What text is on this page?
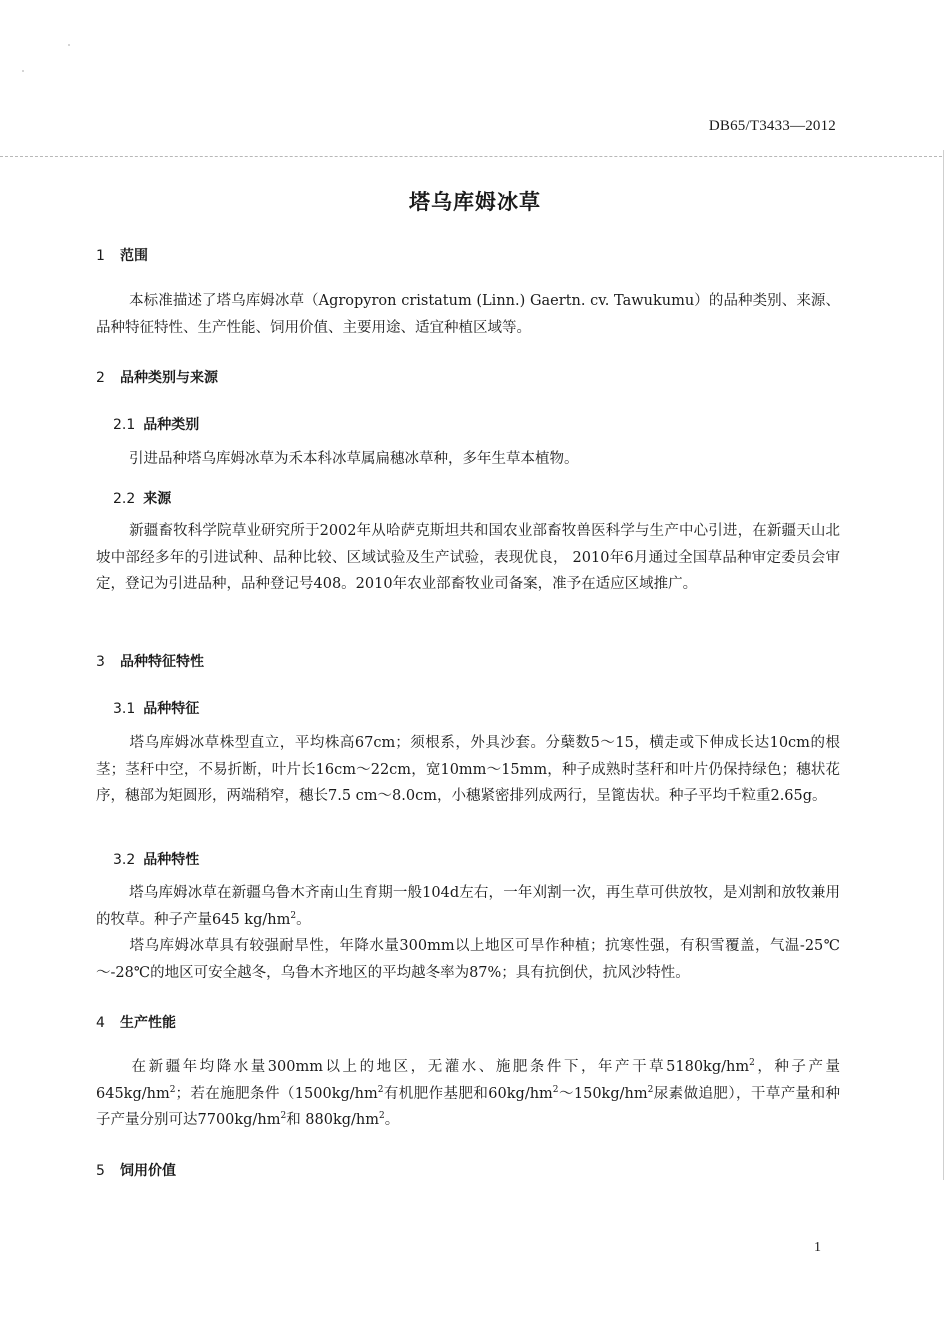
DB65/T3433—2012
塔乌库姆冰草
1 范围
本标准描述了塔乌库姆冰草（Agropyron cristatum (Linn.) Gaertn. cv. Tawukumu）的品种类别、来源、品种特征特性、生产性能、饲用价值、主要用途、适宜种植区域等。
2 品种类别与来源
2.1 品种类别
引进品种塔乌库姆冰草为禾本科冰草属扁穗冰草种，多年生草本植物。
2.2 来源
新疆畜牧科学院草业研究所于2002年从哈萨克斯坦共和国农业部畜牧兽医科学与生产中心引进，在新疆天山北坡中部经多年的引进试种、品种比较、区域试验及生产试验，表现优良， 2010年6月通过全国草品种审定委员会审定，登记为引进品种，品种登记号408。2010年农业部畜牧业司备案，准予在适应区域推广。
3 品种特征特性
3.1 品种特征
塔乌库姆冰草株型直立，平均株高67cm；须根系，外具沙套。分蘖数5～15，横走或下伸成长达10cm的根茎；茎秆中空，不易折断，叶片长16cm～22cm，宽10mm～15mm，种子成熟时茎秆和叶片仍保持绿色；穗状花序，穗部为矩圆形，两端稍窄，穗长7.5 cm～8.0cm，小穗紧密排列成两行，呈篦齿状。种子平均千粒重2.65g。
3.2 品种特性
塔乌库姆冰草在新疆乌鲁木齐南山生育期一般104d左右，一年刈割一次，再生草可供放牧，是刈割和放牧兼用的牧草。种子产量645 $kg/hm^2$。
塔乌库姆冰草具有较强耐旱性，年降水量300mm以上地区可旱作种植；抗寒性强，有积雪覆盖，气温-25℃～-28℃的地区可安全越冬，乌鲁木齐地区的平均越冬率为87%；具有抗倒伏，抗风沙特性。
4 生产性能
在新疆年均降水量300mm以上的地区，无灌水、施肥条件下，年产干草$5180kg/hm^2$，种子产量$645kg/hm^2$；若在施肥条件（$1500kg/hm^2$有机肥作基肥和$60kg/hm^2\sim 150kg/hm^2$尿素做追肥），干草产量和种子产量分别可达$7700kg/hm^2$和 $880kg/hm^2$。
5 饲用价值
1
